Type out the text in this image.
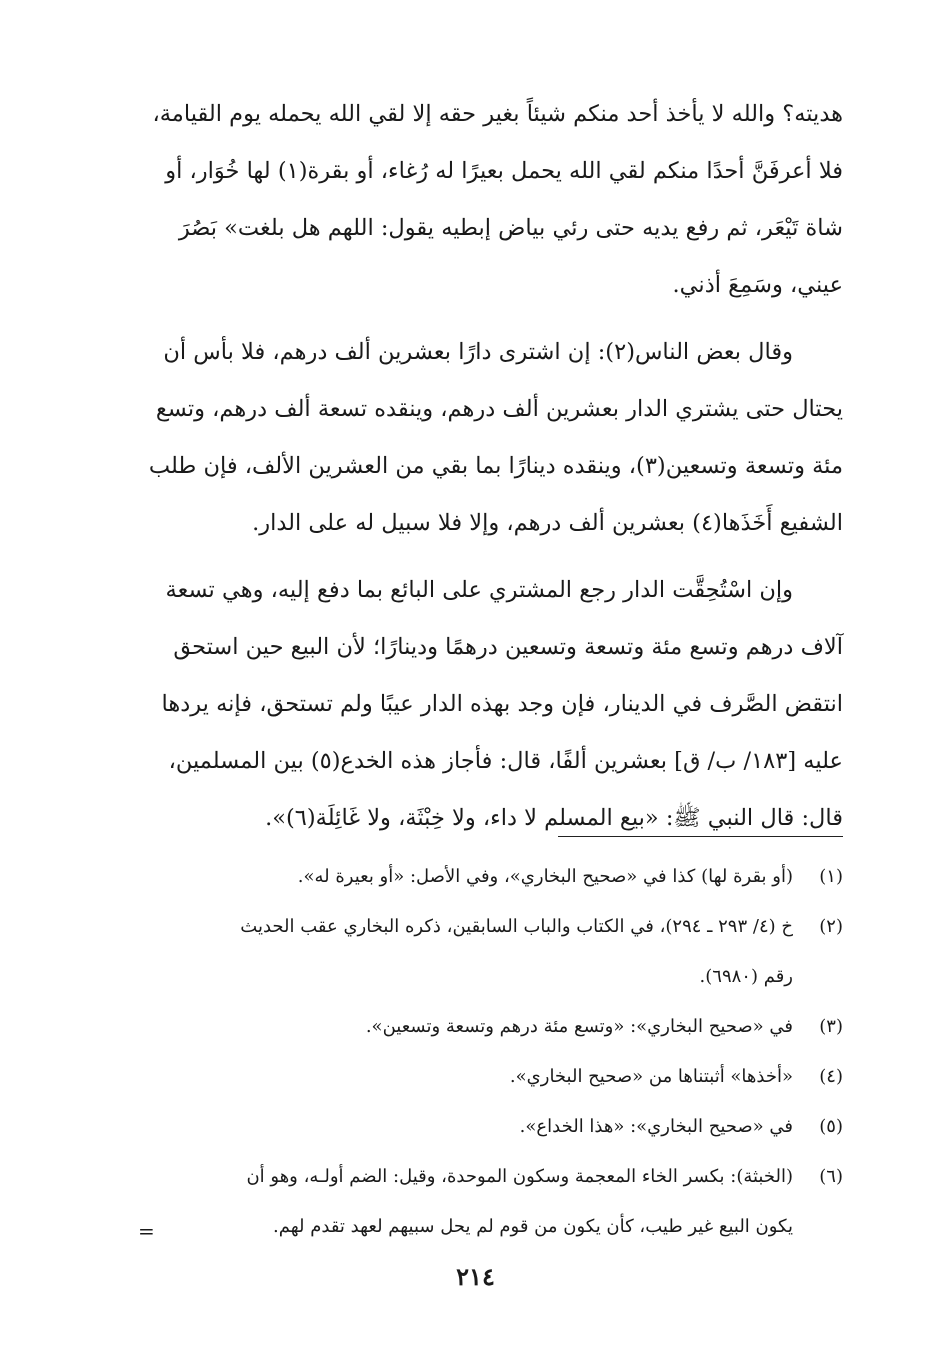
هديته؟ والله لا يأخذ أحد منكم شيئاً بغير حقه إلا لقي الله يحمله يوم القيامة،
فلا أعرفَنَّ أحدًا منكم لقي الله يحمل بعيرًا له رُغاء، أو بقرة(١) لها خُوَار، أو
شاة تَيْعَر، ثم رفع يديه حتى رئي بياض إبطيه يقول: اللهم هل بلغت» بَصُرَ
عيني، وسَمِعَ أذني.

وقال بعض الناس(٢): إن اشترى دارًا بعشرين ألف درهم، فلا بأس أن
يحتال حتى يشتري الدار بعشرين ألف درهم، وينقده تسعة ألف درهم، وتسع
مئة وتسعة وتسعين(٣)، وينقده دينارًا بما بقي من العشرين الألف، فإن طلب
الشفيع أَخَذَها(٤) بعشرين ألف درهم، وإلا فلا سبيل له على الدار.

وإن اسْتُحِقَّت الدار رجع المشتري على البائع بما دفع إليه، وهي تسعة
آلاف درهم وتسع مئة وتسعة وتسعين درهمًا ودينارًا؛ لأن البيع حين استحق
انتقض الصَّرف في الدينار، فإن وجد بهذه الدار عيبًا ولم تستحق، فإنه يردها
عليه [١٨٣/ ب/ ق] بعشرين ألفًا، قال: فأجاز هذه الخدع(٥) بين المسلمين،
قال: قال النبي ﷺ: «بيع المسلم لا داء، ولا خِبْثَة، ولا غَائِلَة(٦)».

(١)
(أو بقرة لها) كذا في «صحيح البخاري»، وفي الأصل: «أو بعيرة له».
(٢)
خ (٤/ ٢٩٣ ـ ٢٩٤)، في الكتاب والباب السابقين، ذكره البخاري عقب الحديث
رقم (٦٩٨٠).
(٣)
في «صحيح البخاري»: «وتسع مئة درهم وتسعة وتسعين».
(٤)
«أخذها» أثبتناها من «صحيح البخاري».
(٥)
في «صحيح البخاري»: «هذا الخداع».
(٦)
(الخبثة): بكسر الخاء المعجمة وسكون الموحدة، وقيل: الضم أولـه، وهو أن
يكون البيع غير طيب، كأن يكون من قوم لم يحل سبيهم لعهد تقدم لهم.
=
٢١٤
